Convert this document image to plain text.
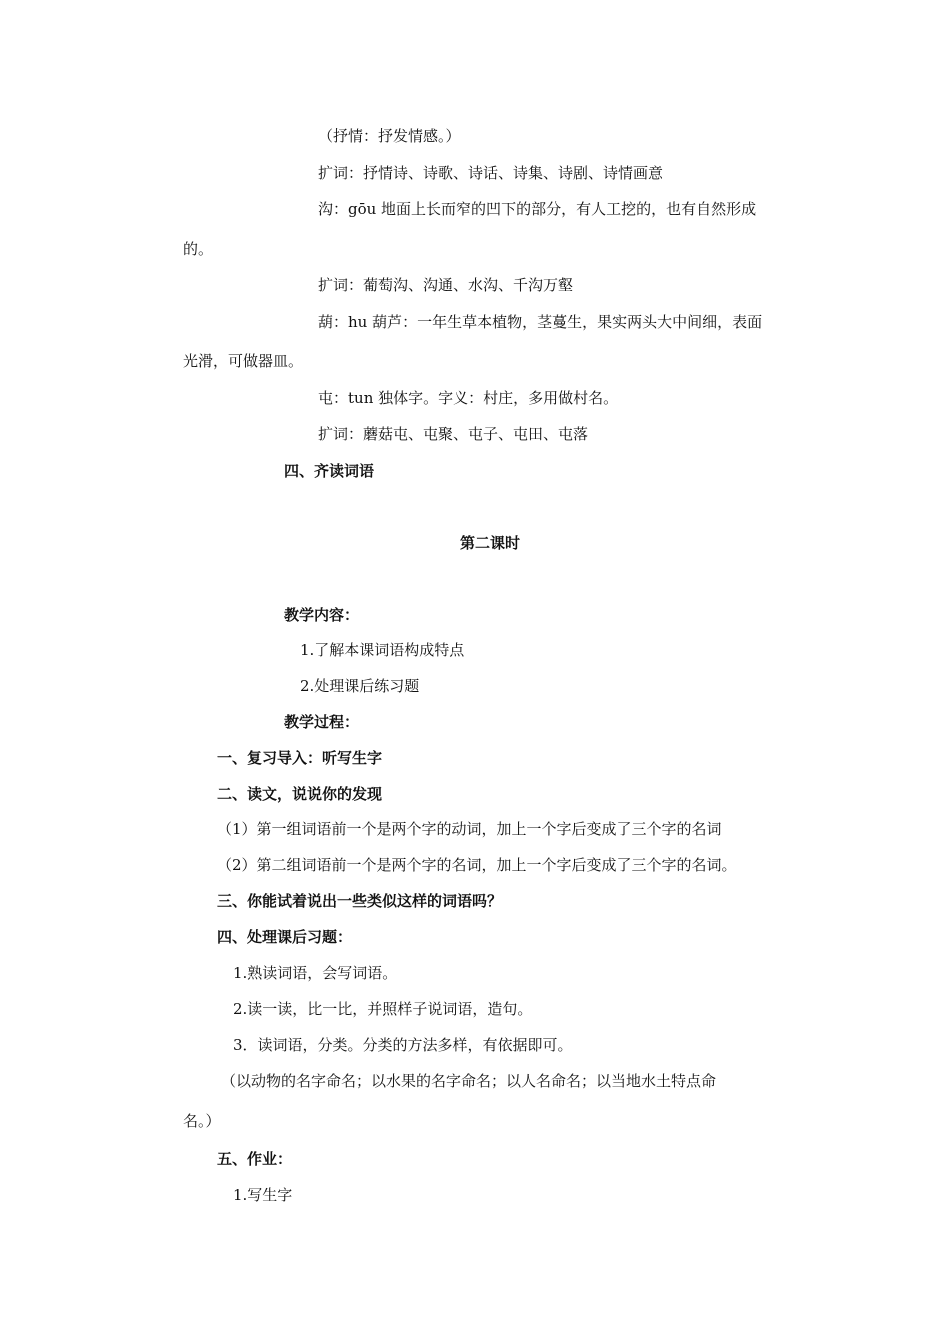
（抒情：抒发情感。）
扩词：抒情诗、诗歌、诗话、诗集、诗剧、诗情画意
沟：gōu 地面上长而窄的凹下的部分，有人工挖的，也有自然形成
的。
扩词：葡萄沟、沟通、水沟、千沟万壑
葫：hu 葫芦：一年生草本植物，茎蔓生，果实两头大中间细，表面
光滑，可做器皿。
屯：tun 独体字。字义：村庄，多用做村名。
扩词：蘑菇屯、屯聚、屯子、屯田、屯落
四、齐读词语
第二课时
教学内容：
1.了解本课词语构成特点
2.处理课后练习题
教学过程：
一、复习导入：听写生字
二、读文，说说你的发现
（1）第一组词语前一个是两个字的动词，加上一个字后变成了三个字的名词
（2）第二组词语前一个是两个字的名词，加上一个字后变成了三个字的名词。
三、你能试着说出一些类似这样的词语吗？
四、处理课后习题：
1.熟读词语，会写词语。
2.读一读，比一比，并照样子说词语，造句。
3．读词语，分类。分类的方法多样，有依据即可。
（以动物的名字命名；以水果的名字命名；以人名命名；以当地水土特点命
名。）
五、作业：
1.写生字
